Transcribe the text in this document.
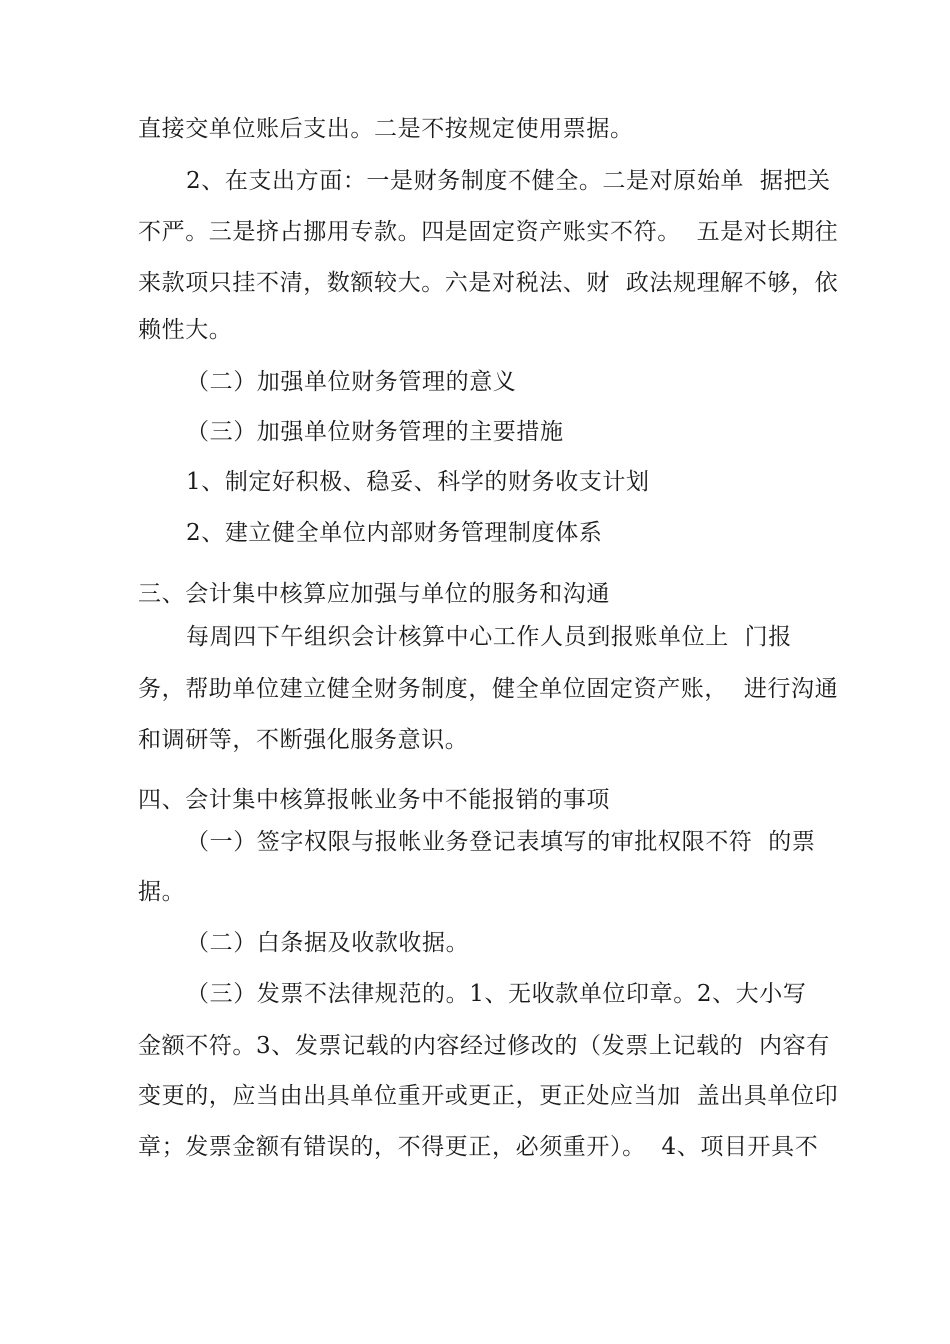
直接交单位账后支出。二是不按规定使用票据。
2、在支出方面：一是财务制度不健全。二是对原始单  据把关
不严。三是挤占挪用专款。四是固定资产账实不符。  五是对长期往
来款项只挂不清，数额较大。六是对税法、财  政法规理解不够，依
赖性大。
（二）加强单位财务管理的意义
（三）加强单位财务管理的主要措施
1、制定好积极、稳妥、科学的财务收支计划
2、建立健全单位内部财务管理制度体系
三、会计集中核算应加强与单位的服务和沟通
每周四下午组织会计核算中心工作人员到报账单位上  门报
务，帮助单位建立健全财务制度，健全单位固定资产账，  进行沟通
和调研等，不断强化服务意识。
四、会计集中核算报帐业务中不能报销的事项
（一）签字权限与报帐业务登记表填写的审批权限不符  的票
据。
（二）白条据及收款收据。
（三）发票不法律规范的。1、无收款单位印章。2、大小写
金额不符。3、发票记载的内容经过修改的（发票上记载的  内容有
变更的，应当由出具单位重开或更正，更正处应当加  盖出具单位印
章；发票金额有错误的，不得更正，必须重开）。  4、项目开具不
